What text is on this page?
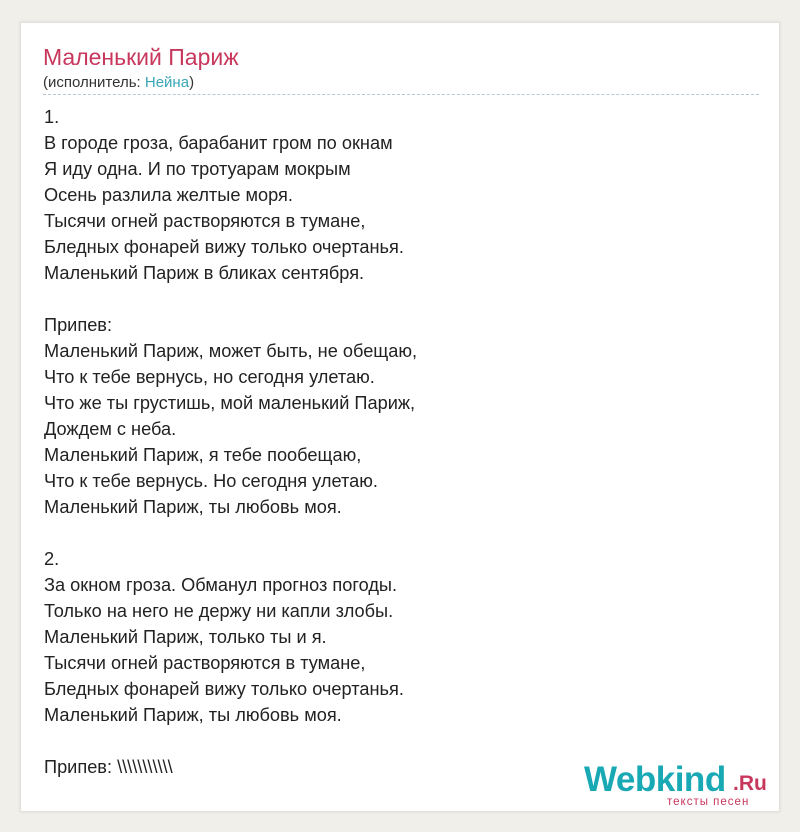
Маленький Париж
(исполнитель: Нейна)
1.
В городе гроза, барабанит гром по окнам
Я иду одна. И по тротуарам мокрым
Осень разлила желтые моря.
Тысячи огней растворяются в тумане,
Бледных фонарей вижу только очертанья.
Маленький Париж в бликах сентября.
Припев:
Маленький Париж, может быть, не обещаю,
Что к тебе вернусь, но сегодня улетаю.
Что же ты грустишь, мой маленький Париж,
Дождем с неба.
Маленький Париж, я тебе пообещаю,
Что к тебе вернусь. Но сегодня улетаю.
Маленький Париж, ты любовь моя.
2.
За окном гроза. Обманул прогноз погоды.
Только на него не держу ни капли злобы.
Маленький Париж, только ты и я.
Тысячи огней растворяются в тумане,
Бледных фонарей вижу только очертанья.
Маленький Париж, ты любовь моя.
Припев: \\\\\\\\\\\	Webkind .Ru
тексты песен
